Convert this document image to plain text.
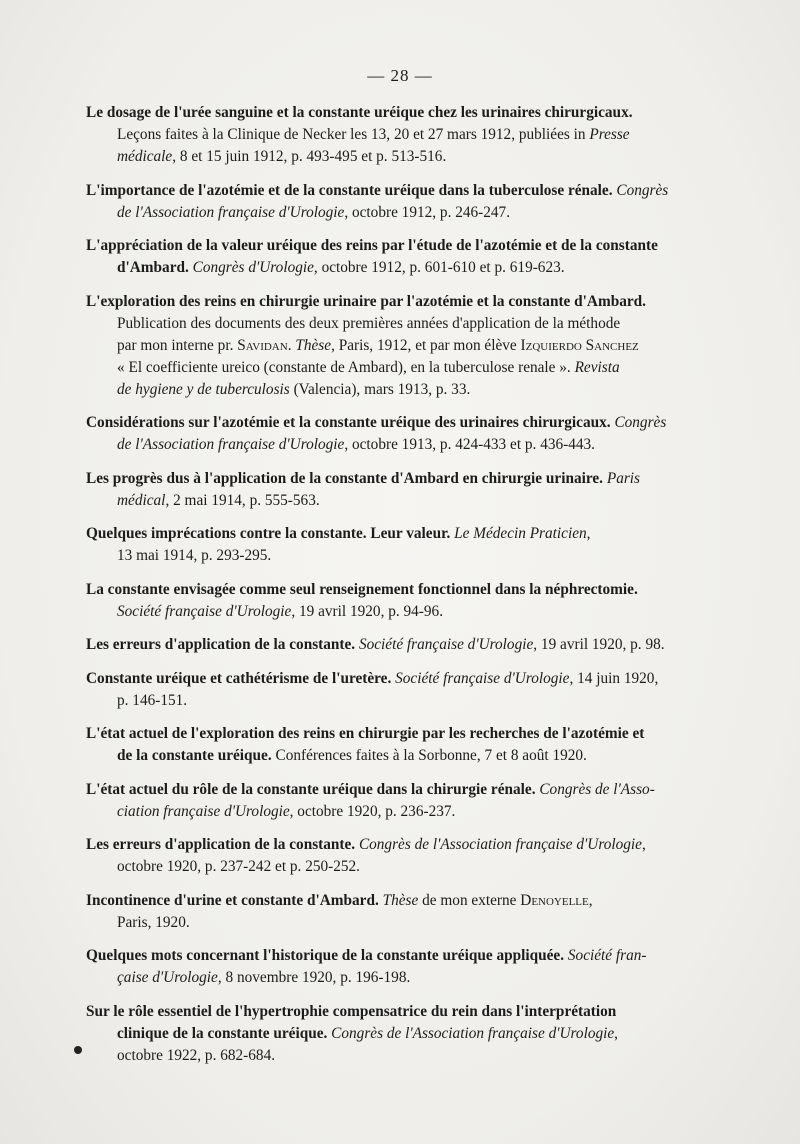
— 28 —
Le dosage de l'urée sanguine et la constante uréique chez les urinaires chirurgicaux.
Leçons faites à la Clinique de Necker les 13, 20 et 27 mars 1912, publiées in Presse
médicale, 8 et 15 juin 1912, p. 493-495 et p. 513-516.
L'importance de l'azotémie et de la constante uréique dans la tuberculose rénale. Congrès
de l'Association française d'Urologie, octobre 1912, p. 246-247.
L'appréciation de la valeur uréique des reins par l'étude de l'azotémie et de la constante
d'Ambard. Congrès d'Urologie, octobre 1912, p. 601-610 et p. 619-623.
L'exploration des reins en chirurgie urinaire par l'azotémie et la constante d'Ambard.
Publication des documents des deux premières années d'application de la méthode
par mon interne pr. Savidan. Thèse, Paris, 1912, et par mon élève Izquierdo Sanchez
« El coefficiente ureico (constante de Ambard), en la tuberculose renale ». Revista
de hygiene y de tuberculosis (Valencia), mars 1913, p. 33.
Considérations sur l'azotémie et la constante uréique des urinaires chirurgicaux. Congrès
de l'Association française d'Urologie, octobre 1913, p. 424-433 et p. 436-443.
Les progrès dus à l'application de la constante d'Ambard en chirurgie urinaire. Paris
médical, 2 mai 1914, p. 555-563.
Quelques imprécations contre la constante. Leur valeur. Le Médecin Praticien,
13 mai 1914, p. 293-295.
La constante envisagée comme seul renseignement fonctionnel dans la néphrectomie.
Société française d'Urologie, 19 avril 1920, p. 94-96.
Les erreurs d'application de la constante. Société française d'Urologie, 19 avril 1920, p. 98.
Constante uréique et cathétérisme de l'uretère. Société française d'Urologie, 14 juin 1920,
p. 146-151.
L'état actuel de l'exploration des reins en chirurgie par les recherches de l'azotémie et
de la constante uréique. Conférences faites à la Sorbonne, 7 et 8 août 1920.
L'état actuel du rôle de la constante uréique dans la chirurgie rénale. Congrès de l'Asso-
ciation française d'Urologie, octobre 1920, p. 236-237.
Les erreurs d'application de la constante. Congrès de l'Association française d'Urologie,
octobre 1920, p. 237-242 et p. 250-252.
Incontinence d'urine et constante d'Ambard. Thèse de mon externe Denoyelle,
Paris, 1920.
Quelques mots concernant l'historique de la constante uréique appliquée. Société fran-
çaise d'Urologie, 8 novembre 1920, p. 196-198.
Sur le rôle essentiel de l'hypertrophie compensatrice du rein dans l'interprétation
clinique de la constante uréique. Congrès de l'Association française d'Urologie,
octobre 1922, p. 682-684.
